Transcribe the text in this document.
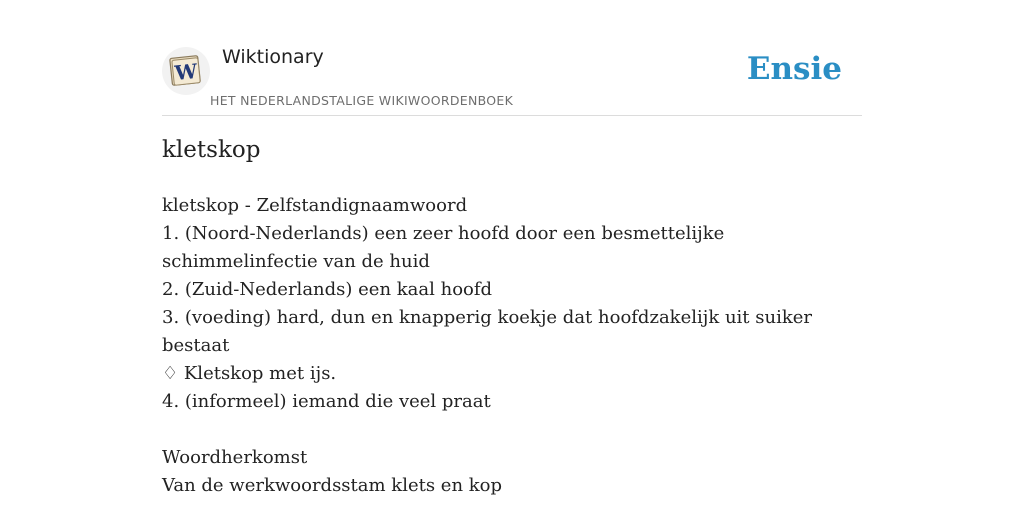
W
Wiktionary
HET NEDERLANDSTALIGE WIKIWOORDENBOEK
Ensie
kletskop
kletskop - Zelfstandignaamwoord
1. (Noord-Nederlands) een zeer hoofd door een besmettelijke schimmelinfectie van de huid
2. (Zuid-Nederlands) een kaal hoofd
3. (voeding) hard, dun en knapperig koekje dat hoofdzakelijk uit suiker bestaat
♢ Kletskop met ijs.
4. (informeel) iemand die veel praat
Woordherkomst
Van de werkwoordsstam klets en kop
